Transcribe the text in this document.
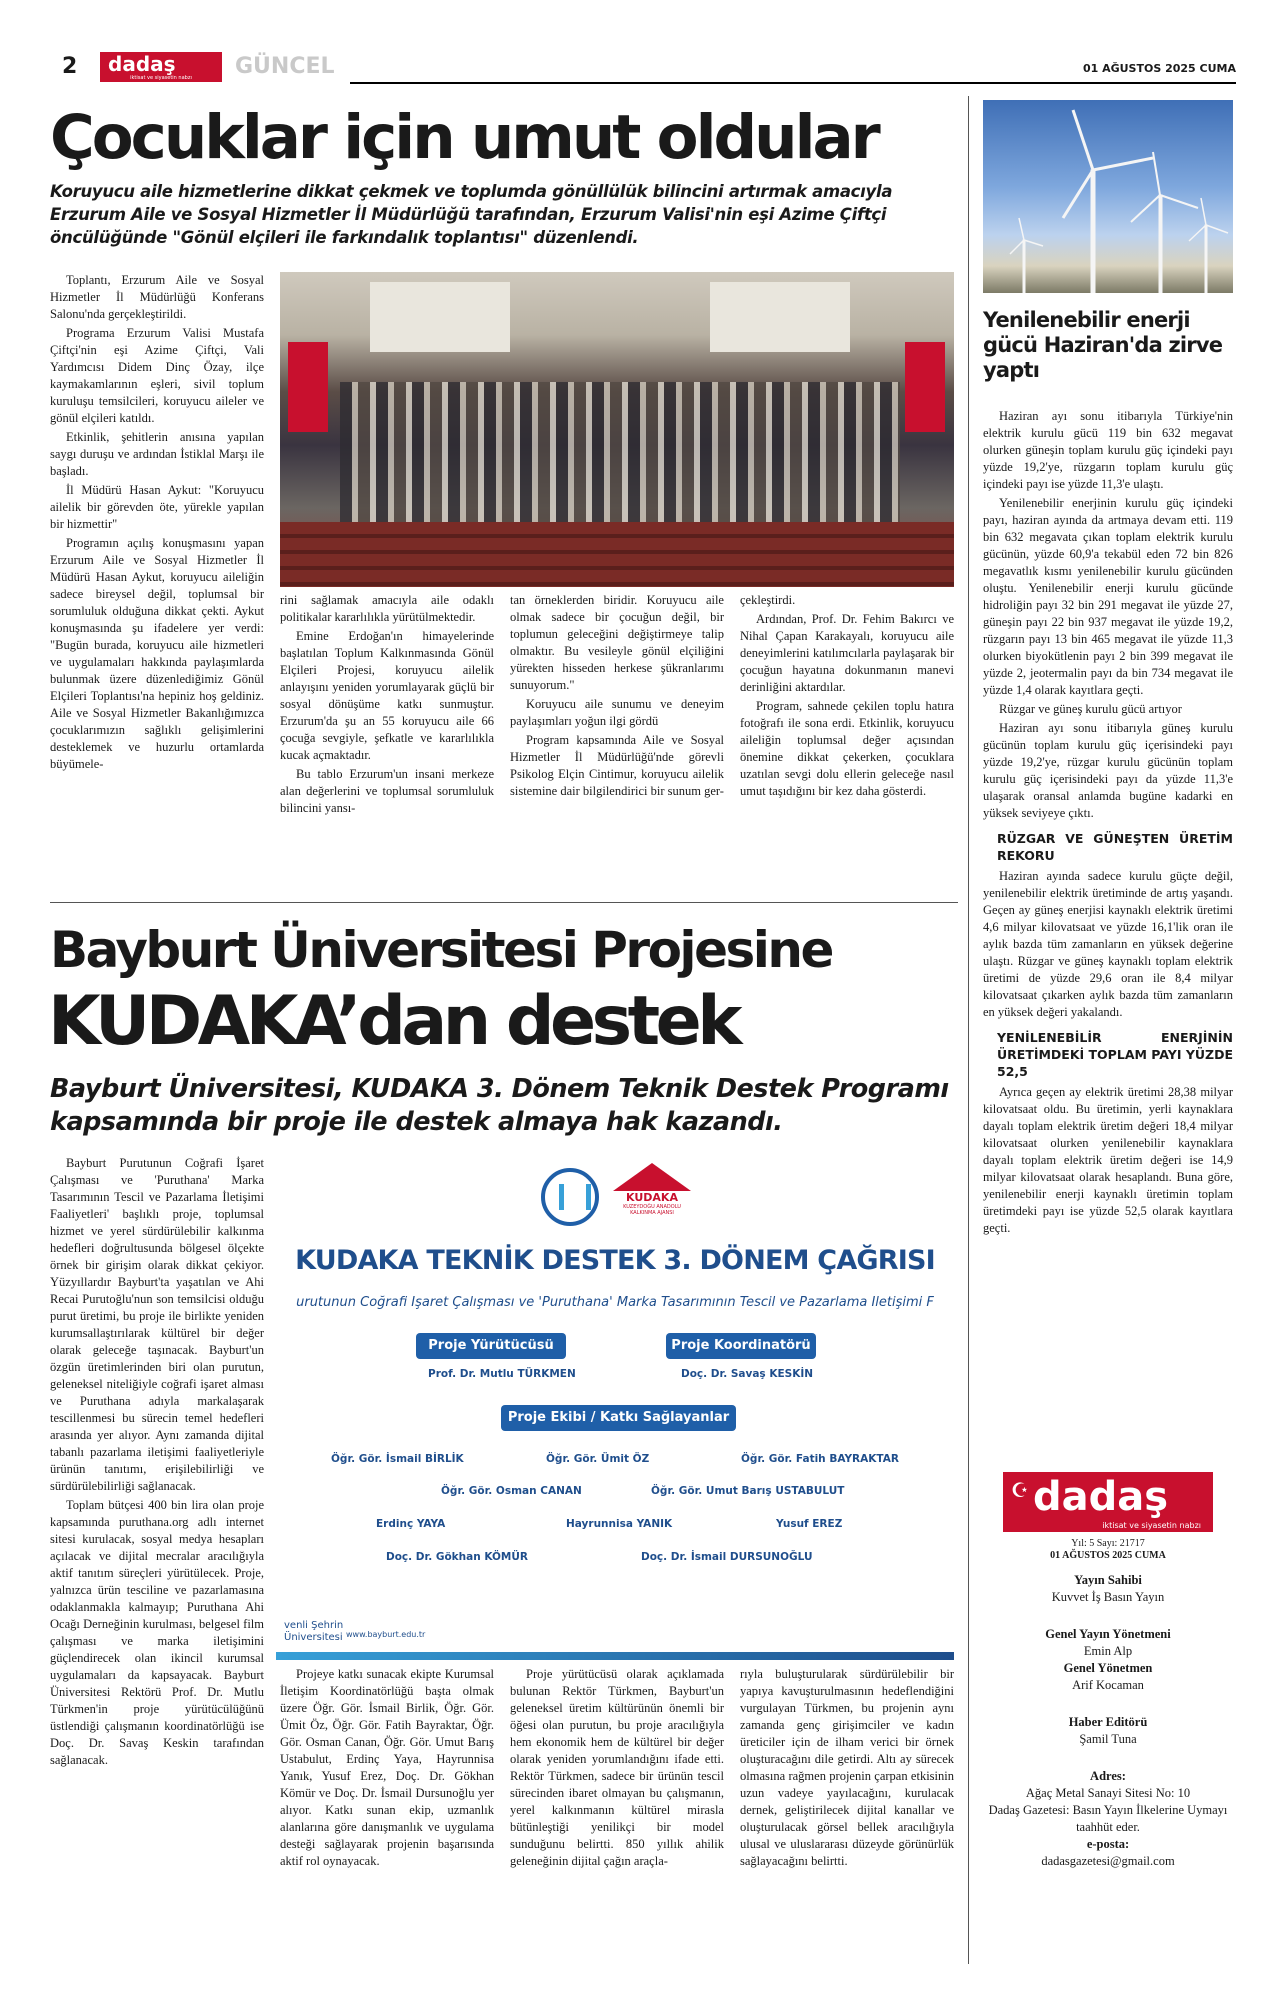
2	dadaş
iktisat ve siyasetin nabzı	GÜNCEL	01 AĞUSTOS 2025 CUMA
Çocuklar için umut oldular
Koruyucu aile hizmetlerine dikkat çekmek ve toplumda gönüllülük bilincini artırmak amacıyla Erzurum Aile ve Sosyal Hizmetler İl Müdürlüğü tarafından, Erzurum Valisi'nin eşi Azime Çiftçi öncülüğünde "Gönül elçileri ile farkındalık toplantısı" düzenlendi.

Toplantı, Erzurum Aile ve Sosyal Hizmetler İl Müdürlüğü Konferans Salonu'nda gerçekleştirildi.

Programa Erzurum Valisi Mustafa Çiftçi'nin eşi Azime Çiftçi, Vali Yardımcısı Didem Dinç Özay, ilçe kaymakamlarının eşleri, sivil toplum kuruluşu temsilcileri, koruyucu aileler ve gönül elçileri katıldı.

Etkinlik, şehitlerin anısına yapılan saygı duruşu ve ardından İstiklal Marşı ile başladı.

İl Müdürü Hasan Aykut: "Koruyucu ailelik bir görevden öte, yürekle yapılan bir hizmettir"

Programın açılış konuşmasını yapan Erzurum Aile ve Sosyal Hizmetler İl Müdürü Hasan Aykut, koruyucu aileliğin sadece bireysel değil, toplumsal bir sorumluluk olduğuna dikkat çekti. Aykut konuşmasında şu ifadelere yer verdi: "Bugün burada, koruyucu aile hizmetleri ve uygulamaları hakkında paylaşımlarda bulunmak üzere düzenlediğimiz Gönül Elçileri Toplantısı'na hepiniz hoş geldiniz. Aile ve Sosyal Hizmetler Bakanlığımızca çocuklarımızın sağlıklı gelişimlerini desteklemek ve huzurlu ortamlarda büyümele-

rini sağlamak amacıyla aile odaklı politikalar kararlılıkla yürütülmektedir.

Emine Erdoğan'ın himayelerinde başlatılan Toplum Kalkınmasında Gönül Elçileri Projesi, koruyucu ailelik anlayışını yeniden yorumlayarak güçlü bir sosyal dönüşüme katkı sunmuştur. Erzurum'da şu an 55 koruyucu aile 66 çocuğa sevgiyle, şefkatle ve kararlılıkla kucak açmaktadır.

Bu tablo Erzurum'un insani merkeze alan değerlerini ve toplumsal sorumluluk bilincini yansı-

tan örneklerden biridir. Koruyucu aile olmak sadece bir çocuğun değil, bir toplumun geleceğini değiştirmeye talip olmaktır. Bu vesileyle gönül elçiliğini yürekten hisseden herkese şükranlarımı sunuyorum."

Koruyucu aile sunumu ve deneyim paylaşımları yoğun ilgi gördü

Program kapsamında Aile ve Sosyal Hizmetler İl Müdürlüğü'nde görevli Psikolog Elçin Cintimur, koruyucu ailelik sistemine dair bilgilendirici bir sunum ger-

çekleştirdi.

Ardından, Prof. Dr. Fehim Bakırcı ve Nihal Çapan Karakayalı, koruyucu aile deneyimlerini katılımcılarla paylaşarak bir çocuğun hayatına dokunmanın manevi derinliğini aktardılar.

Program, sahnede çekilen toplu hatıra fotoğrafı ile sona erdi. Etkinlik, koruyucu aileliğin toplumsal değer açısından önemine dikkat çekerken, çocuklara uzatılan sevgi dolu ellerin geleceğe nasıl umut taşıdığını bir kez daha gösterdi.

Bayburt Üniversitesi Projesine
KUDAKA’dan destek
Bayburt Üniversitesi, KUDAKA 3. Dönem Teknik Destek Programı kapsamında bir proje ile destek almaya hak kazandı.

Bayburt Purutunun Coğrafi İşaret Çalışması ve 'Puruthana' Marka Tasarımının Tescil ve Pazarlama İletişimi Faaliyetleri' başlıklı proje, toplumsal hizmet ve yerel sürdürülebilir kalkınma hedefleri doğrultusunda bölgesel ölçekte örnek bir girişim olarak dikkat çekiyor. Yüzyıllardır Bayburt'ta yaşatılan ve Ahi Recai Purutoğlu'nun son temsilcisi olduğu purut üretimi, bu proje ile birlikte yeniden kurumsallaştırılarak kültürel bir değer olarak geleceğe taşınacak. Bayburt'un özgün üretimlerinden biri olan purutun, geleneksel niteliğiyle coğrafi işaret alması ve Puruthana adıyla markalaşarak tescillenmesi bu sürecin temel hedefleri arasında yer alıyor. Aynı zamanda dijital tabanlı pazarlama iletişimi faaliyetleriyle ürünün tanıtımı, erişilebilirliği ve sürdürülebilirliği sağlanacak.

Toplam bütçesi 400 bin lira olan proje kapsamında puruthana.org adlı internet sitesi kurulacak, sosyal medya hesapları açılacak ve dijital mecralar aracılığıyla aktif tanıtım süreçleri yürütülecek. Proje, yalnızca ürün tesciline ve pazarlamasına odaklanmakla kalmayıp; Puruthana Ahi Ocağı Derneğinin kurulması, belgesel film çalışması ve marka iletişimini güçlendirecek olan ikincil kurumsal uygulamaları da kapsayacak. Bayburt Üniversitesi Rektörü Prof. Dr. Mutlu Türkmen'in proje yürütücülüğünü üstlendiği çalışmanın koordinatörlüğü ise Doç. Dr. Savaş Keskin tarafından sağlanacak.

KUDAKA
KUZEYDOĞU ANADOLU KALKINMA AJANSI
KUDAKA TEKNİK DESTEK 3. DÖNEM ÇAĞRISI
urutunun Coğrafi İşaret Çalışması ve 'Puruthana' Marka Tasarımının Tescil ve Pazarlama İletişimi F
Proje Yürütücüsü
Prof. Dr. Mutlu TÜRKMEN
Proje Koordinatörü
Doç. Dr. Savaş KESKİN
Proje Ekibi / Katkı Sağlayanlar
Öğr. Gör. İsmail BİRLİK	Öğr. Gör. Ümit ÖZ	Öğr. Gör. Fatih BAYRAKTAR
Öğr. Gör. Osman CANAN	Öğr. Gör. Umut Barış USTABULUT
Erdinç YAYA	Hayrunnisa YANIK	Yusuf EREZ
Doç. Dr. Gökhan KÖMÜR	Doç. Dr. İsmail DURSUNOĞLU
venli Şehrin Üniversitesi www.bayburt.edu.tr

Projeye katkı sunacak ekipte Kurumsal İletişim Koordinatörlüğü başta olmak üzere Öğr. Gör. İsmail Birlik, Öğr. Gör. Ümit Öz, Öğr. Gör. Fatih Bayraktar, Öğr. Gör. Osman Canan, Öğr. Gör. Umut Barış Ustabulut, Erdinç Yaya, Hayrunnisa Yanık, Yusuf Erez, Doç. Dr. Gökhan Kömür ve Doç. Dr. İsmail Dursunoğlu yer alıyor. Katkı sunan ekip, uzmanlık alanlarına göre danışmanlık ve uygulama desteği sağlayarak projenin başarısında aktif rol oynayacak.

Proje yürütücüsü olarak açıklamada bulunan Rektör Türkmen, Bayburt'un geleneksel üretim kültürünün önemli bir öğesi olan purutun, bu proje aracılığıyla hem ekonomik hem de kültürel bir değer olarak yeniden yorumlandığını ifade etti. Rektör Türkmen, sadece bir ürünün tescil sürecinden ibaret olmayan bu çalışmanın, yerel kalkınmanın kültürel mirasla bütünleştiği yenilikçi bir model sunduğunu belirtti. 850 yıllık ahilik geleneğinin dijital çağın araçla-

rıyla buluşturularak sürdürülebilir bir yapıya kavuşturulmasının hedeflendiğini vurgulayan Türkmen, bu projenin aynı zamanda genç girişimciler ve kadın üreticiler için de ilham verici bir örnek oluşturacağını dile getirdi. Altı ay sürecek olmasına rağmen projenin çarpan etkisinin uzun vadeye yayılacağını, kurulacak dernek, geliştirilecek dijital kanallar ve oluşturulacak görsel bellek aracılığıyla ulusal ve uluslararası düzeyde görünürlük sağlayacağını belirtti.

Yenilenebilir enerji gücü Haziran'da zirve yaptı

Haziran ayı sonu itibarıyla Türkiye'nin elektrik kurulu gücü 119 bin 632 megavat olurken güneşin toplam kurulu güç içindeki payı yüzde 19,2'ye, rüzgarın toplam kurulu güç içindeki payı ise yüzde 11,3'e ulaştı.

Yenilenebilir enerjinin kurulu güç içindeki payı, haziran ayında da artmaya devam etti. 119 bin 632 megavata çıkan toplam elektrik kurulu gücünün, yüzde 60,9'a tekabül eden 72 bin 826 megavatlık kısmı yenilenebilir kurulu gücünden oluştu. Yenilenebilir enerji kurulu gücünde hidroliğin payı 32 bin 291 megavat ile yüzde 27, güneşin payı 22 bin 937 megavat ile yüzde 19,2, rüzgarın payı 13 bin 465 megavat ile yüzde 11,3 olurken biyokütlenin payı 2 bin 399 megavat ile yüzde 2, jeotermalin payı da bin 734 megavat ile yüzde 1,4 olarak kayıtlara geçti.

Rüzgar ve güneş kurulu gücü artıyor

Haziran ayı sonu itibarıyla güneş kurulu gücünün toplam kurulu güç içerisindeki payı yüzde 19,2'ye, rüzgar kurulu gücünün toplam kurulu güç içerisindeki payı da yüzde 11,3'e ulaşarak oransal anlamda bugüne kadarki en yüksek seviyeye çıktı.

RÜZGAR VE GÜNEŞTEN ÜRETİM REKORU

Haziran ayında sadece kurulu güçte değil, yenilenebilir elektrik üretiminde de artış yaşandı. Geçen ay güneş enerjisi kaynaklı elektrik üretimi 4,6 milyar kilovatsaat ve yüzde 16,1'lik oran ile aylık bazda tüm zamanların en yüksek değerine ulaştı. Rüzgar ve güneş kaynaklı toplam elektrik üretimi de yüzde 29,6 oran ile 8,4 milyar kilovatsaat çıkarken aylık bazda tüm zamanların en yüksek değeri yakalandı.

YENİLENEBİLİR ENERJİNİN ÜRETİMDEKİ TOPLAM PAYI YÜZDE 52,5

Ayrıca geçen ay elektrik üretimi 28,38 milyar kilovatsaat oldu. Bu üretimin, yerli kaynaklara dayalı toplam elektrik üretim değeri 18,4 milyar kilovatsaat olurken yenilenebilir kaynaklara dayalı toplam elektrik üretim değeri ise 14,9 milyar kilovatsaat olarak hesaplandı. Buna göre, yenilenebilir enerji kaynaklı üretimin toplam üretimdeki payı ise yüzde 52,5 olarak kayıtlara geçti.

☪ dadaş
iktisat ve siyasetin nabzı
Yıl: 5 Sayı: 21717
01 AĞUSTOS 2025 CUMA
Yayın Sahibi
Kuvvet İş Basın Yayın
Genel Yayın Yönetmeni
Emin Alp
Genel Yönetmen
Arif Kocaman
Haber Editörü
Şamil Tuna
Adres:
Ağaç Metal Sanayi Sitesi No: 10
Dadaş Gazetesi: Basın Yayın İlkelerine Uymayı taahhüt eder.
e-posta:
dadasgazetesi@gmail.com
